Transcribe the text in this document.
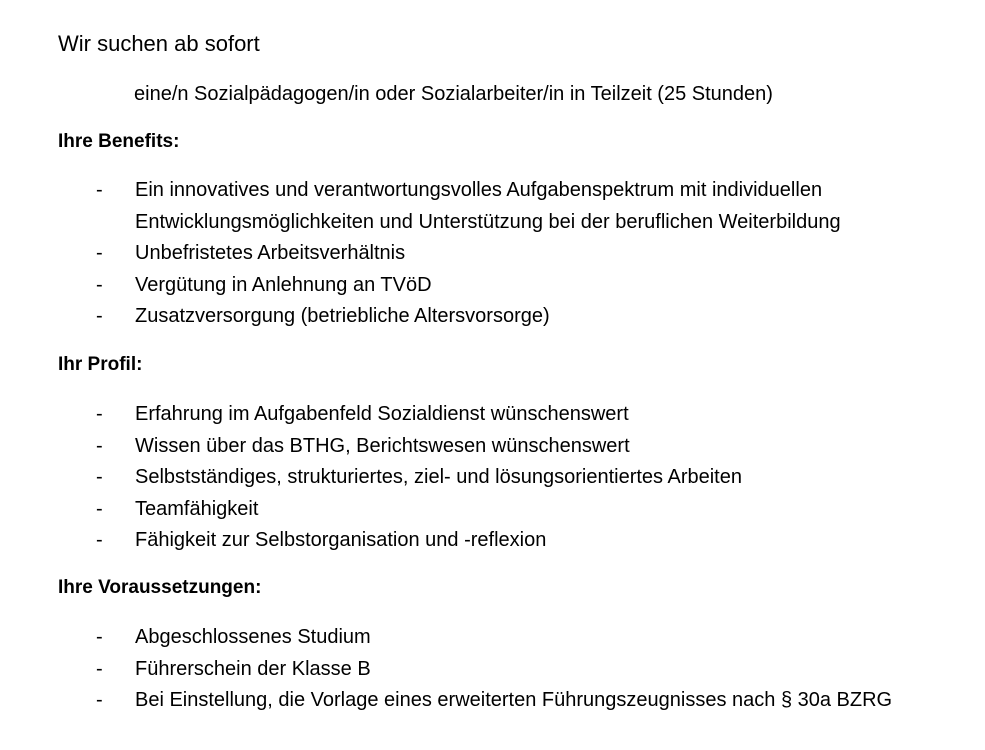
Wir suchen ab sofort

eine/n Sozialpädagogen/in oder Sozialarbeiter/in in Teilzeit (25 Stunden)

Ihre Benefits:
- Ein innovatives und verantwortungsvolles Aufgabenspektrum mit individuellen Entwicklungsmöglichkeiten und Unterstützung bei der beruflichen Weiterbildung
- Unbefristetes Arbeitsverhältnis
- Vergütung in Anlehnung an TVöD
- Zusatzversorgung (betriebliche Altersvorsorge)
Ihr Profil:
- Erfahrung im Aufgabenfeld Sozialdienst wünschenswert
- Wissen über das BTHG, Berichtswesen wünschenswert
- Selbstständiges, strukturiertes, ziel- und lösungsorientiertes Arbeiten
- Teamfähigkeit
- Fähigkeit zur Selbstorganisation und -reflexion
Ihre Voraussetzungen:
- Abgeschlossenes Studium
- Führerschein der Klasse B
- Bei Einstellung, die Vorlage eines erweiterten Führungszeugnisses nach § 30a BZRG
